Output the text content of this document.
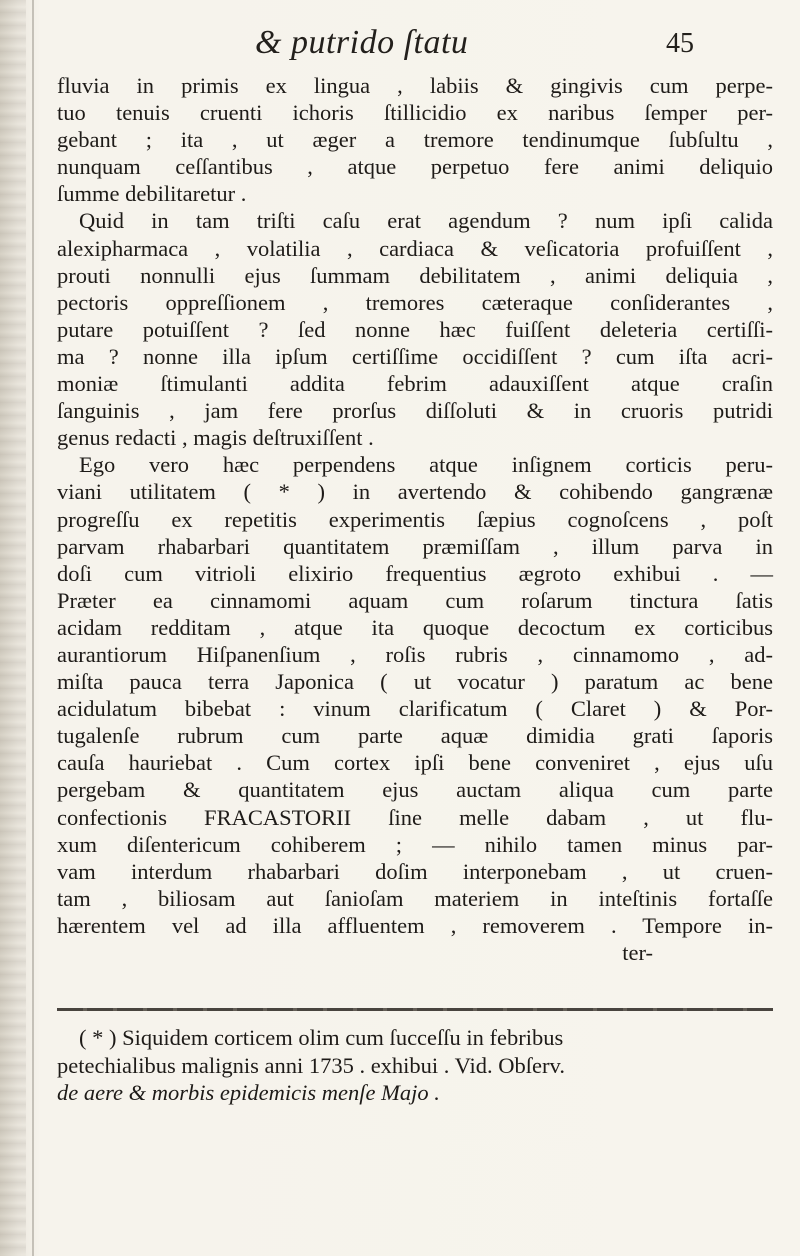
& putrido ſtatu	45
fluvia in primis ex lingua , labiis & gingivis cum perpe-
tuo tenuis cruenti ichoris ſtillicidio ex naribus ſemper per-
gebant ; ita , ut æger a tremore tendinumque ſubſultu ,
nunquam ceſſantibus , atque perpetuo fere animi deliquio
ſumme debilitaretur .
Quid in tam triſti caſu erat agendum ? num ipſi calida
alexipharmaca , volatilia , cardiaca & veſicatoria profuiſſent ,
prouti nonnulli ejus ſummam debilitatem , animi deliquia ,
pectoris oppreſſionem , tremores cæteraque conſiderantes ,
putare potuiſſent ? ſed nonne hæc fuiſſent deleteria certiſſi-
ma ? nonne illa ipſum certiſſime occidiſſent ? cum iſta acri-
moniæ ſtimulanti addita febrim adauxiſſent atque craſin
ſanguinis , jam fere prorſus diſſoluti & in cruoris putridi
genus redacti , magis deſtruxiſſent .
Ego vero hæc perpendens atque inſignem corticis peru-
viani utilitatem ( * ) in avertendo & cohibendo gangrænæ
progreſſu ex repetitis experimentis ſæpius cognoſcens , poſt
parvam rhabarbari quantitatem præmiſſam , illum parva in
doſi cum vitrioli elixirio frequentius ægroto exhibui . —
Præter ea cinnamomi aquam cum roſarum tinctura ſatis
acidam redditam , atque ita quoque decoctum ex corticibus
aurantiorum Hiſpanenſium , roſis rubris , cinnamomo , ad-
miſta pauca terra Japonica ( ut vocatur ) paratum ac bene
acidulatum bibebat : vinum clarificatum ( Claret ) & Por-
tugalenſe rubrum cum parte aquæ dimidia grati ſaporis
cauſa hauriebat . Cum cortex ipſi bene conveniret , ejus uſu
pergebam & quantitatem ejus auctam aliqua cum parte
confectionis FRACASTORII ſine melle dabam , ut flu-
xum diſentericum cohiberem ; — nihilo tamen minus par-
vam interdum rhabarbari doſim interponebam , ut cruen-
tam , biliosam aut ſanioſam materiem in inteſtinis fortaſſe
hærentem vel ad illa affluentem , removerem . Tempore in-
ter-
( * ) Siquidem corticem olim cum ſucceſſu in febribus
petechialibus malignis anni 1735 . exhibui . Vid. Obſerv.
de aere & morbis epidemicis menſe Majo .
